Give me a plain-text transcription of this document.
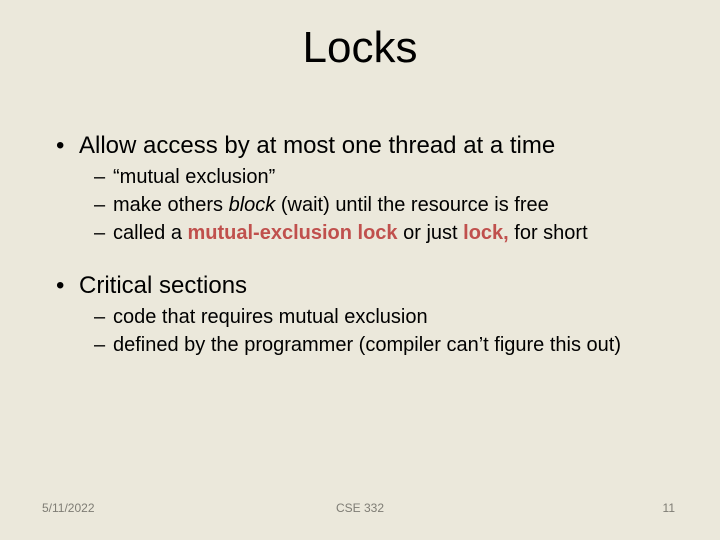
Locks
• Allow access by at most one thread at a time
– “mutual exclusion”
– make others block (wait) until the resource is free
– called a mutual-exclusion lock or just lock, for short
• Critical sections
– code that requires mutual exclusion
– defined by the programmer (compiler can’t figure this out)
5/11/2022	CSE 332	11
